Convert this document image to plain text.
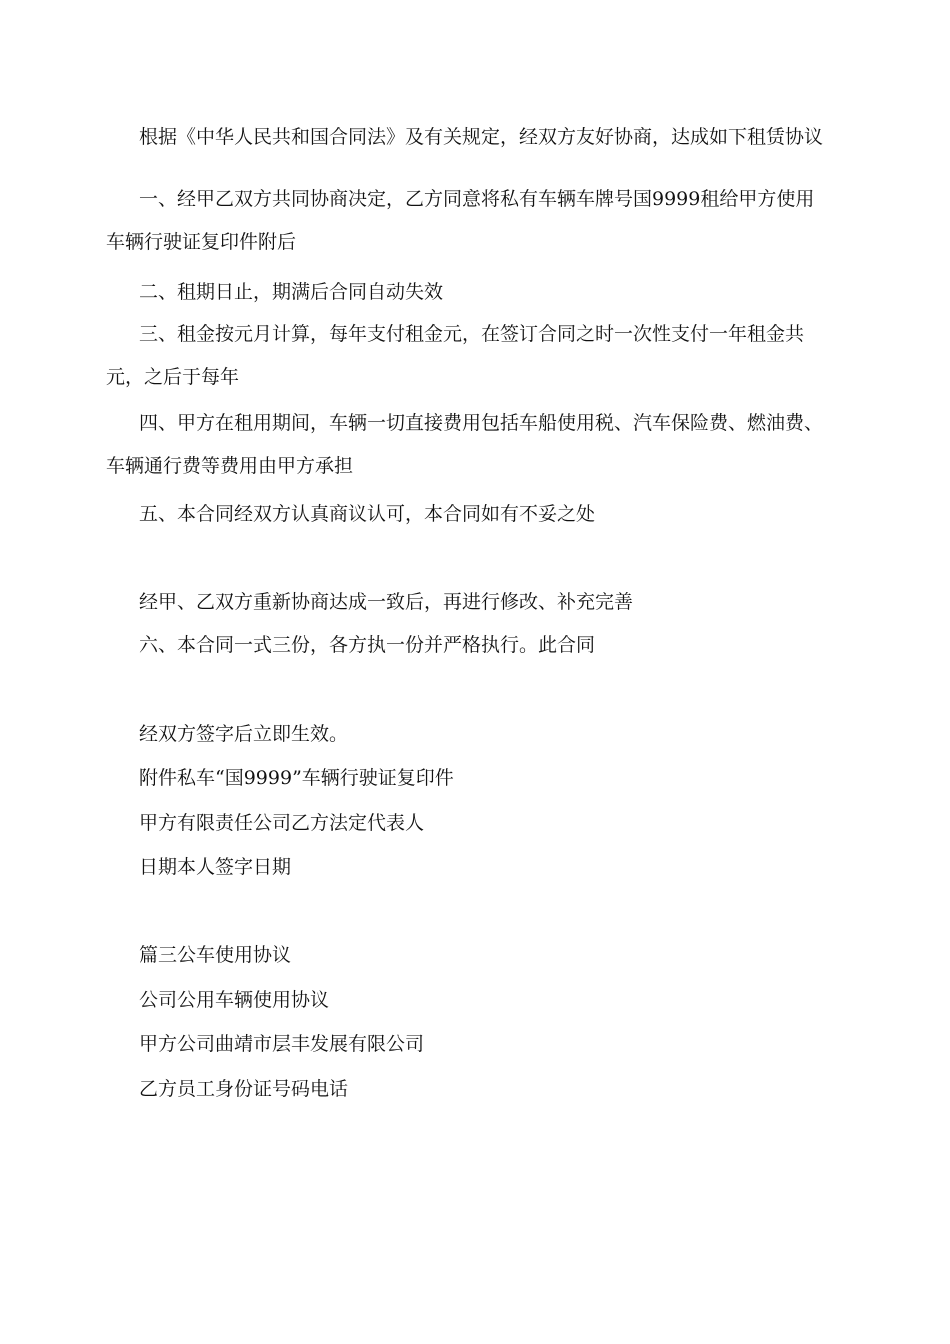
根据《中华人民共和国合同法》及有关规定，经双方友好协商，达成如下租赁协议

一、经甲乙双方共同协商决定，乙方同意将私有车辆车牌号国9999租给甲方使用车辆行驶证复印件附后

二、租期日止，期满后合同自动失效

三、租金按元月计算，每年支付租金元，在签订合同之时一次性支付一年租金共元，之后于每年

四、甲方在租用期间，车辆一切直接费用包括车船使用税、汽车保险费、燃油费、车辆通行费等费用由甲方承担

五、本合同经双方认真商议认可，本合同如有不妥之处

经甲、乙双方重新协商达成一致后，再进行修改、补充完善

六、本合同一式三份，各方执一份并严格执行。此合同

经双方签字后立即生效。

附件私车“国9999”车辆行驶证复印件

甲方有限责任公司乙方法定代表人

日期本人签字日期

篇三公车使用协议

公司公用车辆使用协议

甲方公司曲靖市层丰发展有限公司

乙方员工身份证号码电话
